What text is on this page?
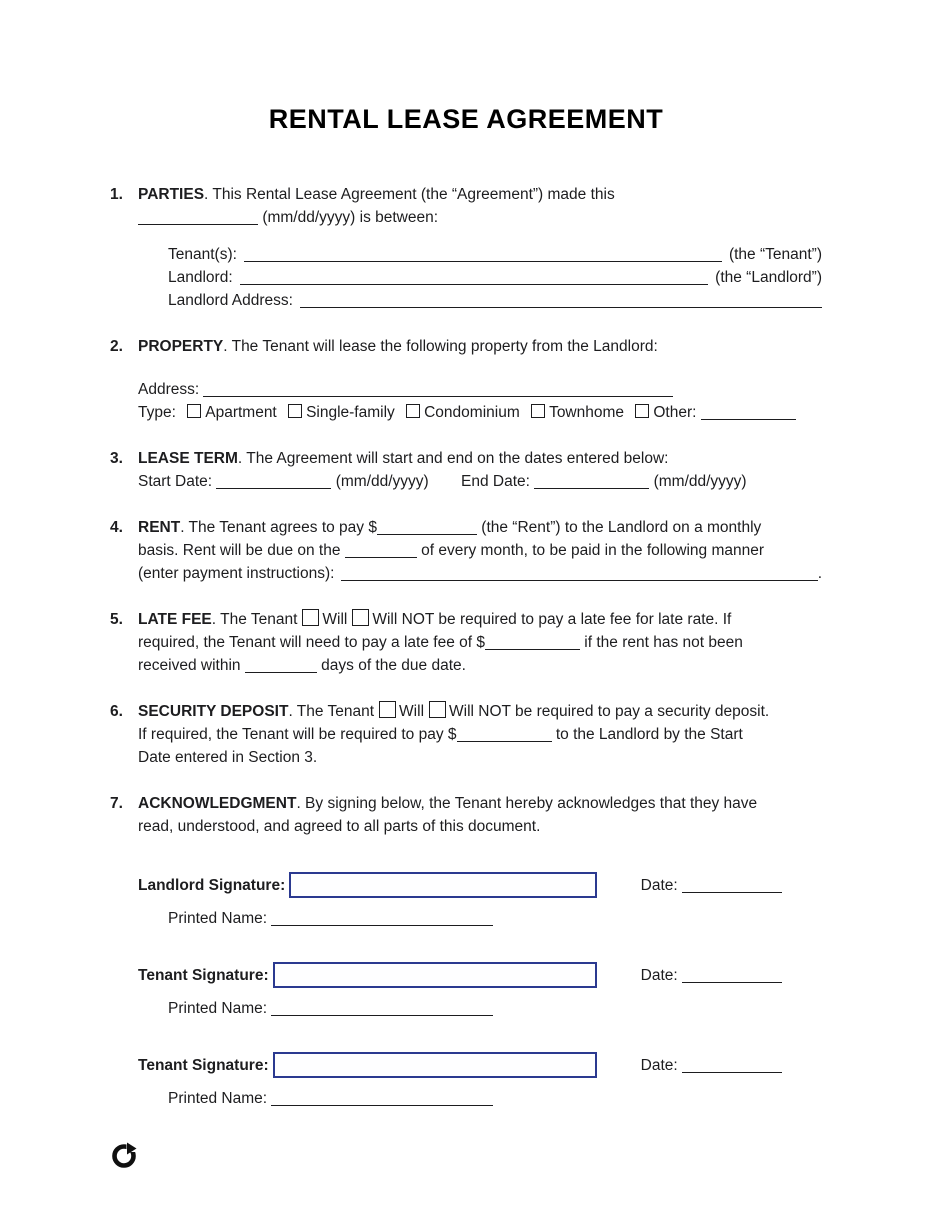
RENTAL LEASE AGREEMENT
1. PARTIES. This Rental Lease Agreement (the “Agreement”) made this
(mm/dd/yyyy) is between:
Tenant(s):	(the “Tenant”)
Landlord:	(the “Landlord”)
Landlord Address:
2. PROPERTY. The Tenant will lease the following property from the Landlord:
Address:
Type: Apartment Single-family Condominium Townhome Other:
3. LEASE TERM. The Agreement will start and end on the dates entered below:
Start Date:	(mm/dd/yyyy) End Date:	(mm/dd/yyyy)
4. RENT. The Tenant agrees to pay $	(the “Rent”) to the Landlord on a monthly
basis. Rent will be due on the	of every month, to be paid in the following manner
(enter payment instructions):	.
5. LATE FEE. The Tenant Will Will NOT be required to pay a late fee for late rate. If
required, the Tenant will need to pay a late fee of $	if the rent has not been
received within	days of the due date.
6. SECURITY DEPOSIT. The Tenant Will Will NOT be required to pay a security deposit.
If required, the Tenant will be required to pay $	to the Landlord by the Start
Date entered in Section 3.
7. ACKNOWLEDGMENT. By signing below, the Tenant hereby acknowledges that they have
read, understood, and agreed to all parts of this document.
Landlord Signature:	Date:
Printed Name:
Tenant Signature:	Date:
Printed Name:
Tenant Signature:	Date:
Printed Name:
